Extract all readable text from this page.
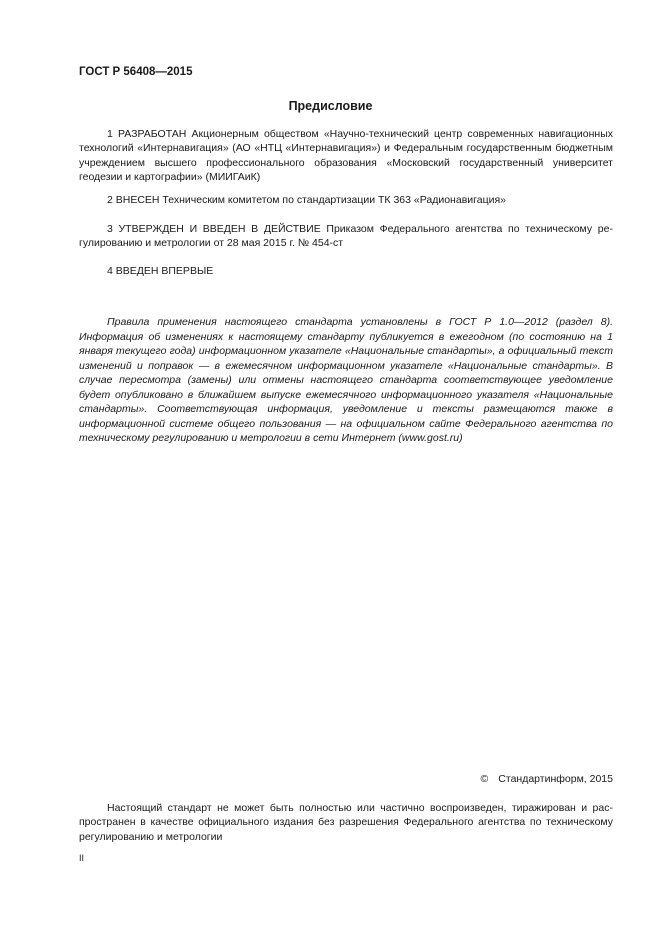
ГОСТ Р 56408—2015
Предисловие

1 РАЗРАБОТАН Акционерным обществом «Научно-технический центр современных навигационных технологий «Интернавигация» (АО «НТЦ «Интернавигация») и Федеральным государственным бюджетным учреждением высшего профессионального образования «Московский государственный университет геодезии и картографии» (МИИГАиК)

2 ВНЕСЕН Техническим комитетом по стандартизации ТК 363 «Радионавигация»

3 УТВЕРЖДЕН И ВВЕДЕН В ДЕЙСТВИЕ Приказом Федерального агентства по техническому регулированию и метрологии от 28 мая 2015 г. № 454-ст

4 ВВЕДЕН ВПЕРВЫЕ

Правила применения настоящего стандарта установлены в ГОСТ Р 1.0—2012 (раздел 8). Информация об изменениях к настоящему стандарту публикуется в ежегодном (по состоянию на 1 января текущего года) информационном указателе «Национальные стандарты», а официальный текст изменений и поправок — в ежемесячном информационном указателе «Национальные стандарты». В случае пересмотра (замены) или отмены настоящего стандарта соответствующее уведомление будет опубликовано в ближайшем выпуске ежемесячного информационного указателя «Национальные стандарты». Соответствующая информация, уведомление и тексты размещаются также в информационной системе общего пользования — на официальном сайте Федерального агентства по техническому регулированию и метрологии в сети Интернет (www.gost.ru)

© Стандартинформ, 2015

Настоящий стандарт не может быть полностью или частично воспроизведен, тиражирован и распространен в качестве официального издания без разрешения Федерального агентства по техническому регулированию и метрологии

II
